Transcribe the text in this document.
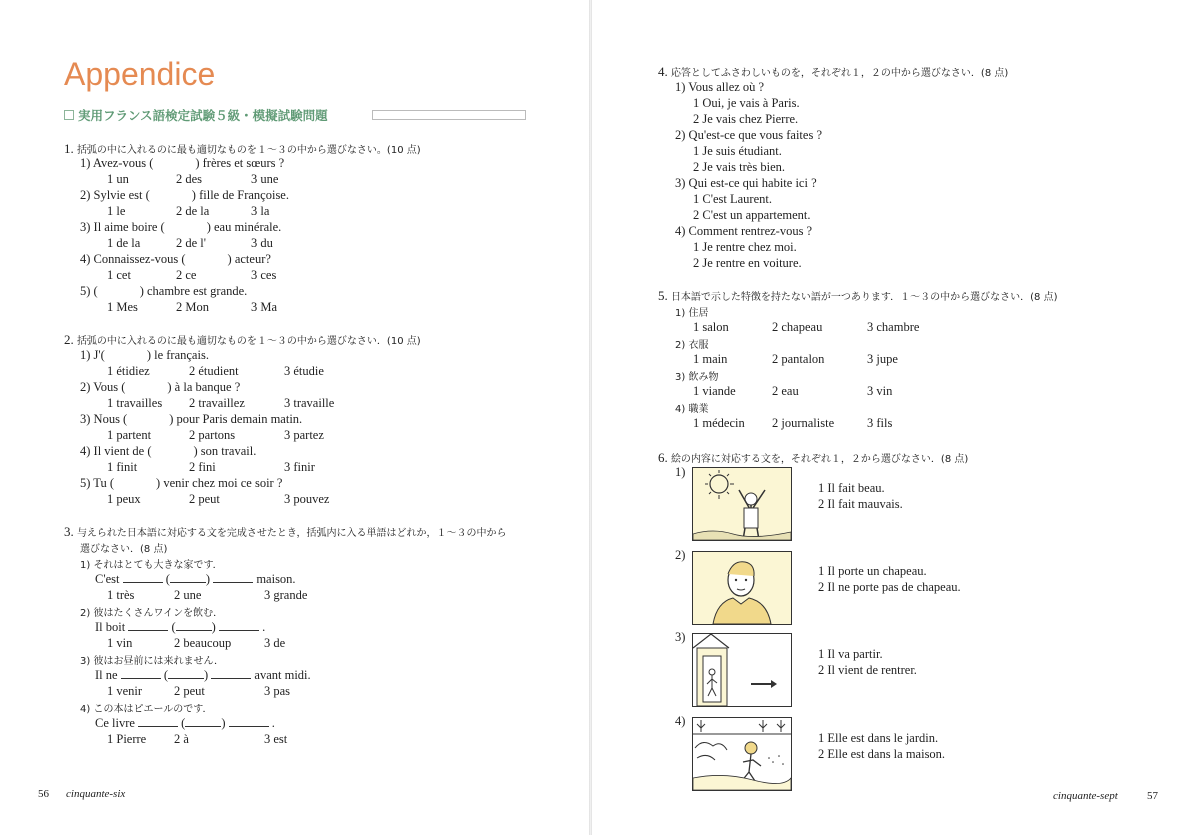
Appendice
実用フランス語検定試験５級・模擬試験問題
1. 括弧の中に入れるのに最も適切なものを１～３の中から選びなさい。(10 点)
1) Avez-vous (	) frères et sœurs ?
1 un	2 des	3 une
2) Sylvie est (	) fille de Françoise.
1 le	2 de la	3 la
3) Il aime boire (	) eau minérale.
1 de la	2 de l'	3 du
4) Connaissez-vous (	) acteur?
1 cet	2 ce	3 ces
5) (	) chambre est grande.
1 Mes	2 Mon	3 Ma
2. 括弧の中に入れるのに最も適切なものを１～３の中から選びなさい．(10 点)
1) J'(	) le français.
1 étidiez	2 étudient	3 étudie
2) Vous (	) à la banque ?
1 travailles 2 travaillez	3 travaille
3) Nous (	) pour Paris demain matin.
1 partent	2 partons	3 partez
4) Il vient de (	) son travail.
1 finit	2 fini	3 finir
5) Tu (	) venir chez moi ce soir ?
1 peux	2 peut	3 pouvez
3. 与えられた日本語に対応する文を完成させたとき，括弧内に入る単語はどれか，１～３の中から
選びなさい．(8 点)
1) それはとても大きな家です．
C'est	(	)	maison.
1 très	2 une	3 grande
2) 彼はたくさんワインを飲む．
Il boit	(	)	.
1 vin	2 beaucoup	3 de
3) 彼はお昼前には来れません．
Il ne	(	)	avant midi.
1 venir	2 peut	3 pas
4) この本はピエールのです．
Ce livre	(	)	.
1 Pierre 2 à	3 est
56 cinquante-six
4. 応答としてふさわしいものを，それぞれ１，２の中から選びなさい．(8 点)
1) Vous allez où ?
1 Oui, je vais à Paris.
2 Je vais chez Pierre.
2) Qu'est-ce que vous faites ?
1 Je suis étudiant.
2 Je vais très bien.
3) Qui est-ce qui habite ici ?
1 C'est Laurent.
2 C'est un appartement.
4) Comment rentrez-vous ?
1 Je rentre chez moi.
2 Je rentre en voiture.
5. 日本語で示した特徴を持たない語が一つあります．１～３の中から選びなさい．(8 点)
1) 住居
1 salon	2 chapeau	3 chambre
2) 衣服
1 main	2 pantalon	3 jupe
3) 飲み物
1 viande	2 eau	3 vin
4) 職業
1 médecin 2 journaliste	3 fils
6. 絵の内容に対応する文を，それぞれ１，２から選びなさい．(8 点)
1)
1 Il fait beau.
2 Il fait mauvais.
2)
1 Il porte un chapeau.
2 Il ne porte pas de chapeau.
3)
1 Il va partir.
2 Il vient de rentrer.
4)
1 Elle est dans le jardin.
2 Elle est dans la maison.
cinquante-sept	57
